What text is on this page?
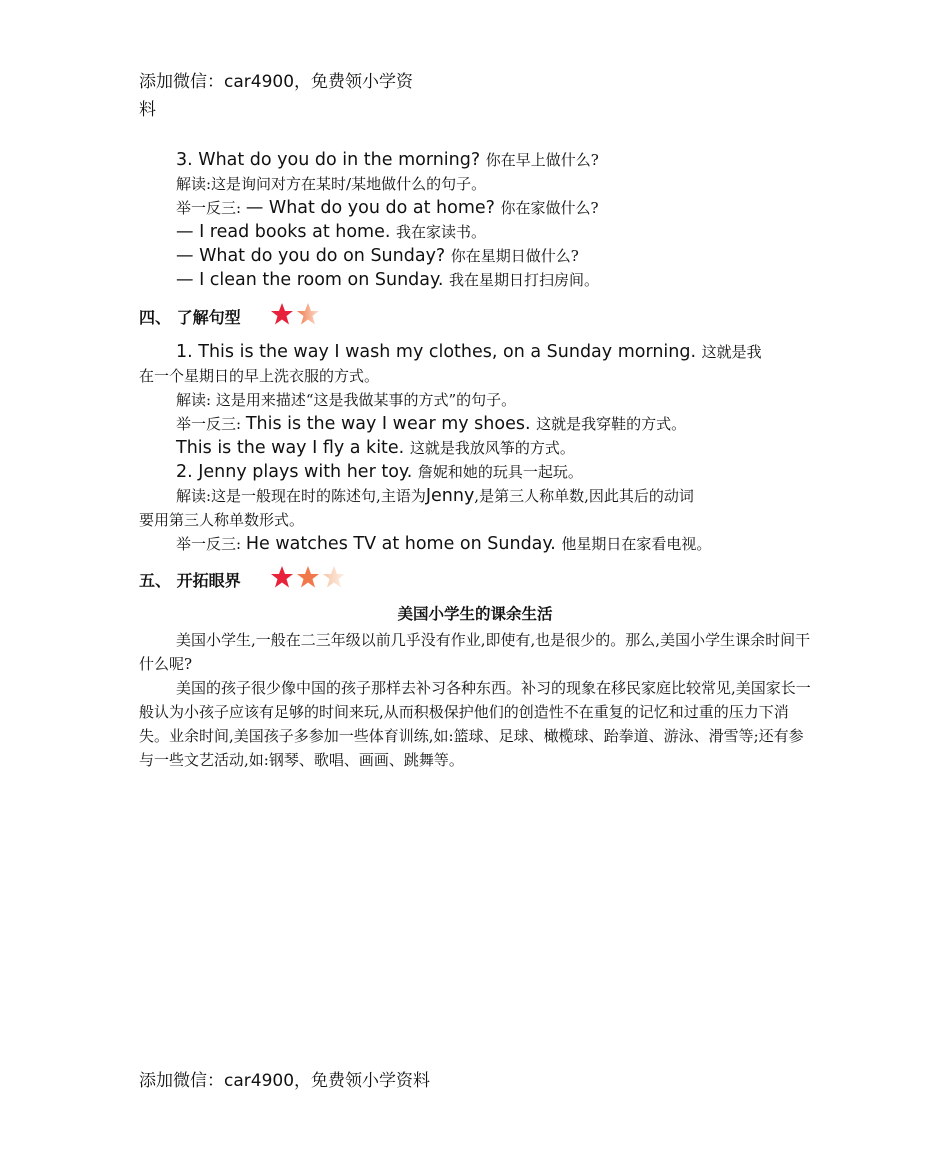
添加微信：car4900，免费领小学资
料
3. What do you do in the morning? 你在早上做什么?
解读:这是询问对方在某时/某地做什么的句子。
举一反三: — What do you do at home? 你在家做什么?
— I read books at home. 我在家读书。
— What do you do on Sunday? 你在星期日做什么?
— I clean the room on Sunday. 我在星期日打扫房间。
四、 了解句型
1. This is the way I wash my clothes, on a Sunday morning. 这就是我
在一个星期日的早上洗衣服的方式。
解读: 这是用来描述“这是我做某事的方式”的句子。
举一反三: This is the way I wear my shoes. 这就是我穿鞋的方式。
This is the way I fly a kite. 这就是我放风筝的方式。
2. Jenny plays with her toy. 詹妮和她的玩具一起玩。
解读:这是一般现在时的陈述句,主语为Jenny,是第三人称单数,因此其后的动词
要用第三人称单数形式。
举一反三: He watches TV at home on Sunday. 他星期日在家看电视。
五、 开拓眼界
美国小学生的课余生活
美国小学生,一般在二三年级以前几乎没有作业,即使有,也是很少的。那么,美国小学生课余时间干什么呢?
美国的孩子很少像中国的孩子那样去补习各种东西。补习的现象在移民家庭比较常见,美国家长一般认为小孩子应该有足够的时间来玩,从而积极保护他们的创造性不在重复的记忆和过重的压力下消失。业余时间,美国孩子多参加一些体育训练,如:篮球、足球、橄榄球、跆拳道、游泳、滑雪等;还有参与一些文艺活动,如:钢琴、歌唱、画画、跳舞等。
添加微信：car4900，免费领小学资料
